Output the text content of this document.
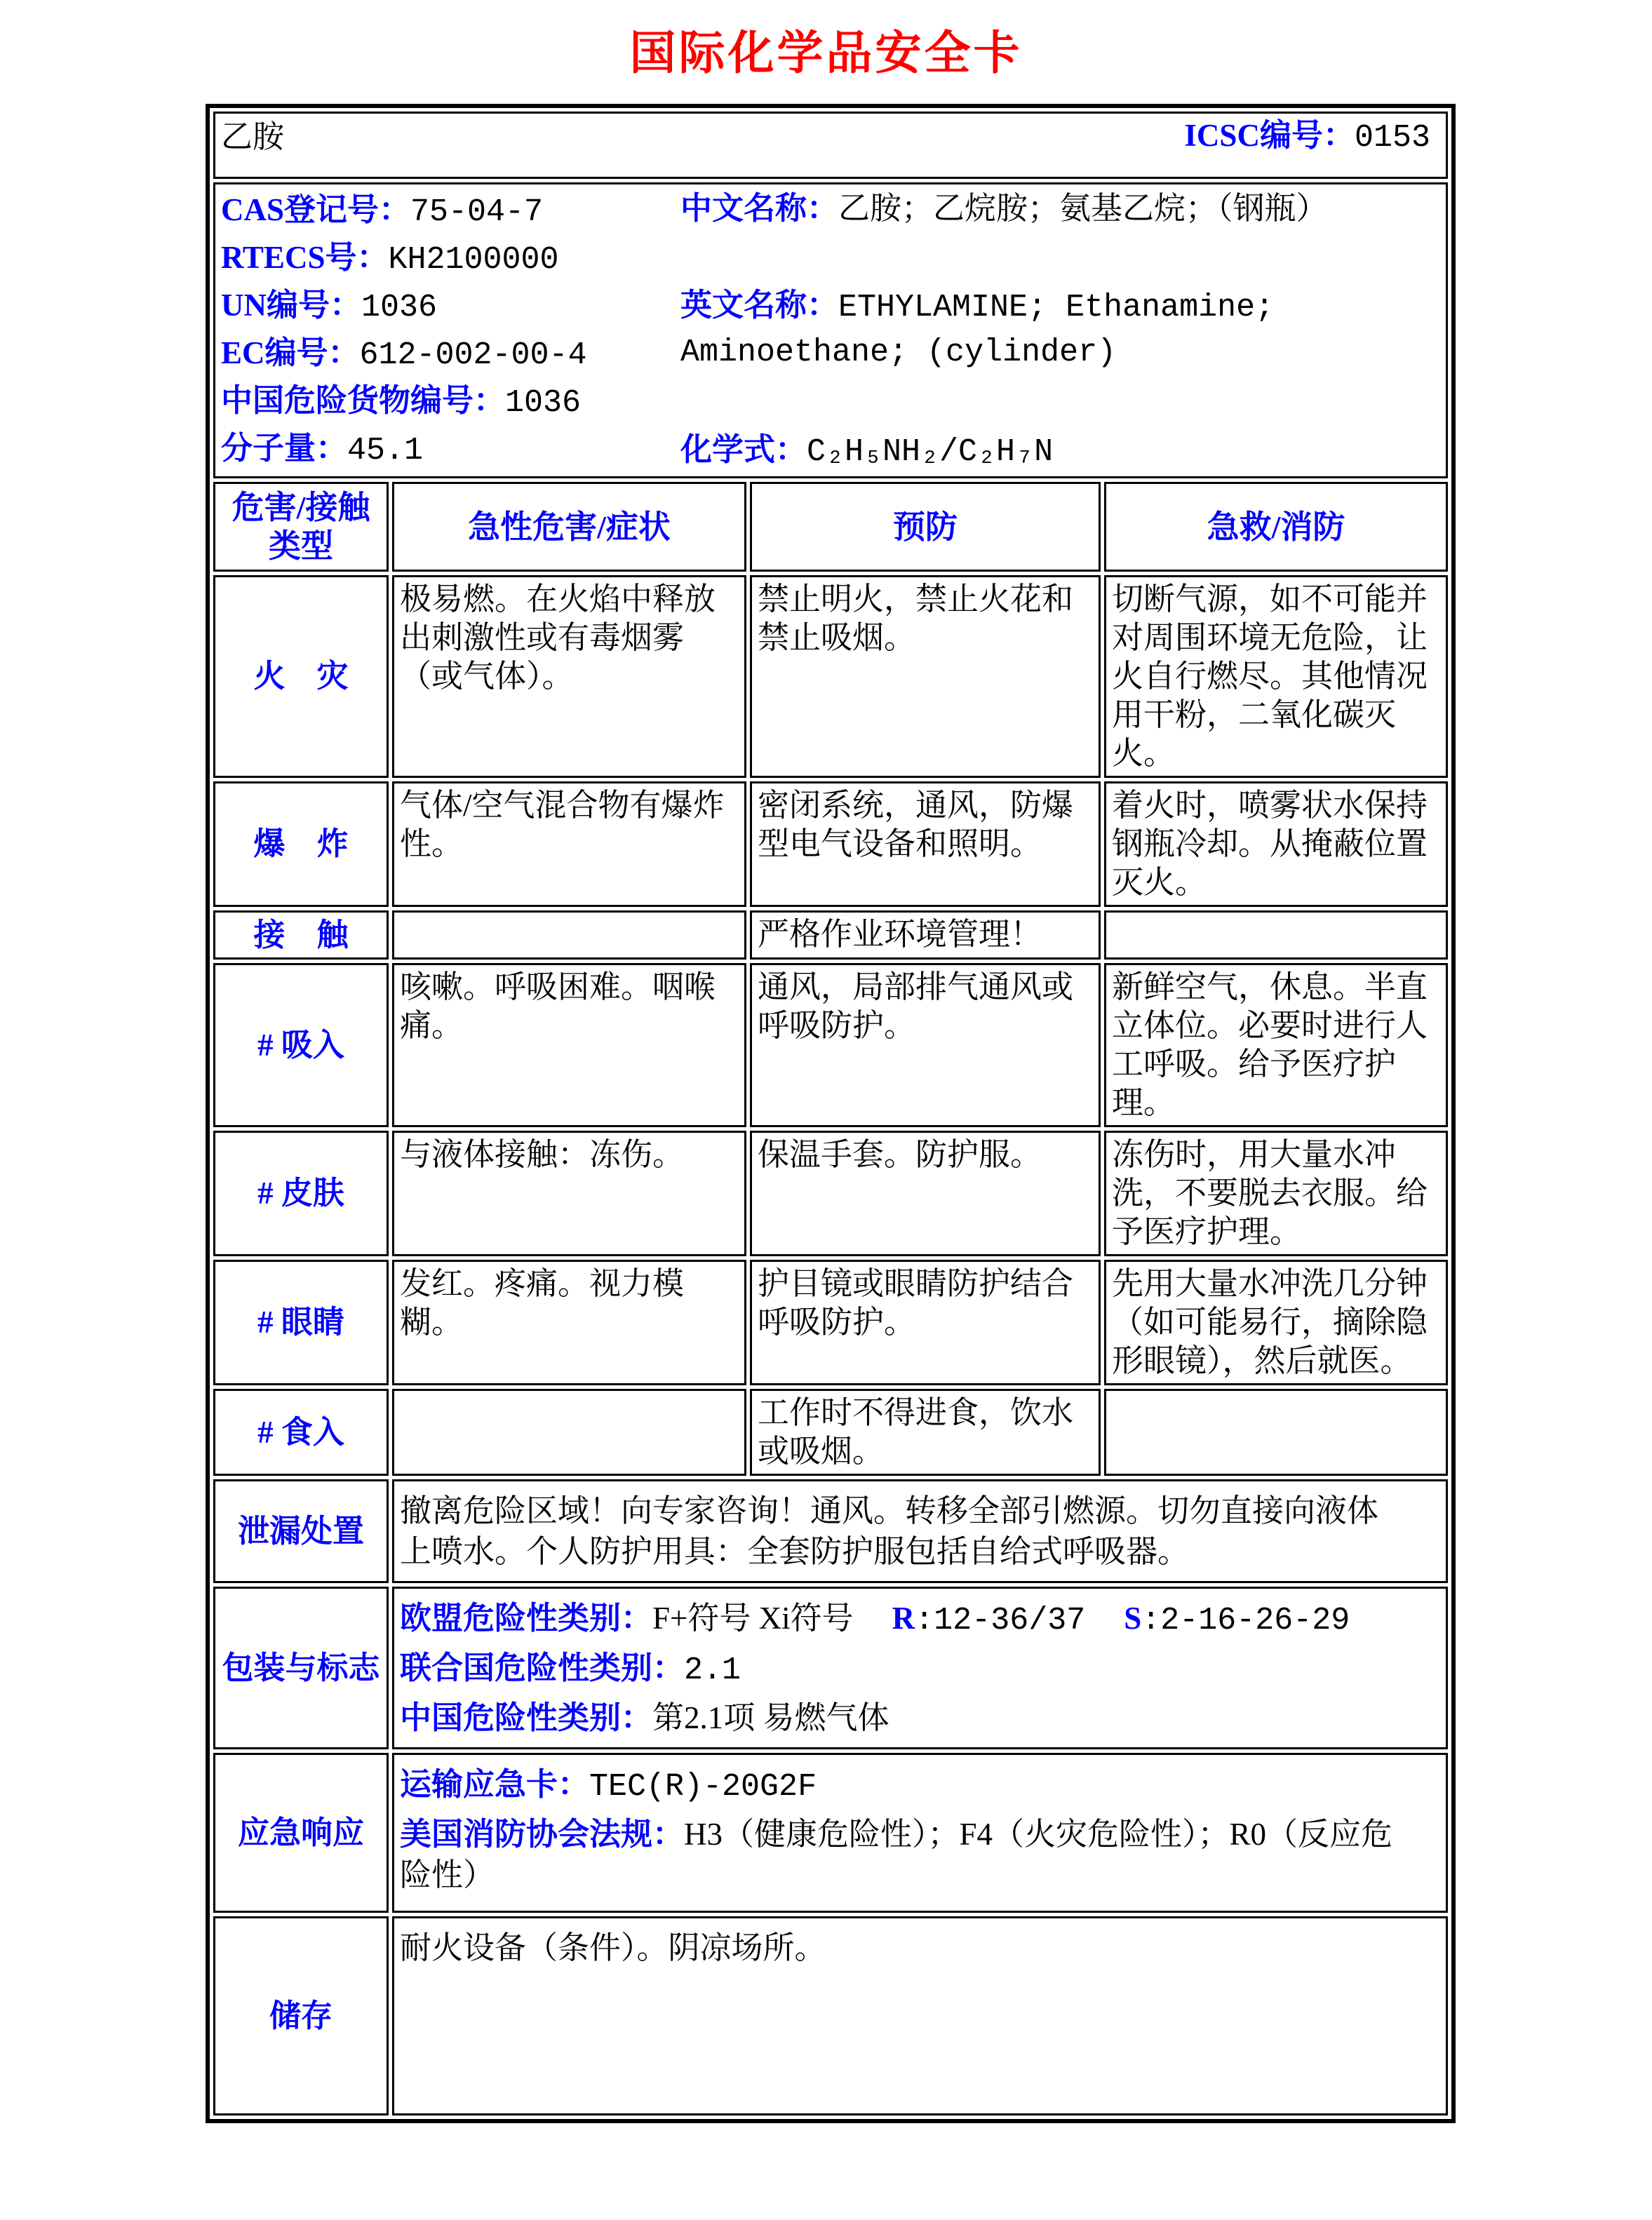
国际化学品安全卡
乙胺 ICSC编号：0153			

CAS登记号：75-04-7
RTECS号：KH2100000
UN编号：1036
EC编号：612-002-00-4
中国危险货物编号：1036
分子量：45.1
中文名称：乙胺；乙烷胺；氨基乙烷；（钢瓶）
英文名称：ETHYLAMINE; Ethanamine; Aminoethane; (cylinder)
化学式：C₂H₅NH₂/C₂H₇N

危害/接触类型	急性危害/症状	预防	急救/消防
火　灾	极易燃。在火焰中释放出刺激性或有毒烟雾（或气体）。	禁止明火，禁止火花和禁止吸烟。	切断气源，如不可能并对周围环境无危险，让火自行燃尽。其他情况用干粉，二氧化碳灭火。
爆　炸	气体/空气混合物有爆炸性。	密闭系统，通风，防爆型电气设备和照明。	着火时，喷雾状水保持钢瓶冷却。从掩蔽位置灭火。
接　触		严格作业环境管理！	
# 吸入	咳嗽。呼吸困难。咽喉痛。	通风，局部排气通风或呼吸防护。	新鲜空气，休息。半直立体位。必要时进行人工呼吸。给予医疗护理。
# 皮肤	与液体接触：冻伤。	保温手套。防护服。	冻伤时，用大量水冲洗，不要脱去衣服。给予医疗护理。
# 眼睛	发红。疼痛。视力模糊。	护目镜或眼睛防护结合呼吸防护。	先用大量水冲洗几分钟（如可能易行，摘除隐形眼镜），然后就医。
# 食入		工作时不得进食，饮水或吸烟。	
泄漏处置	撤离危险区域！向专家咨询！通风。转移全部引燃源。切勿直接向液体上喷水。个人防护用具：全套防护服包括自给式呼吸器。		

包装与标志	欧盟危险性类别：F+符号 Xi符号 R:12-36/37 S:2-16-26-29

联合国危险性类别：2.1

中国危险性类别：第2.1项 易燃气体		

应急响应	运输应急卡：TEC(R)-20G2F

美国消防协会法规：H3（健康危险性）；F4（火灾危险性）；R0（反应危险性）		

储存	耐火设备（条件）。阴凉场所。		
